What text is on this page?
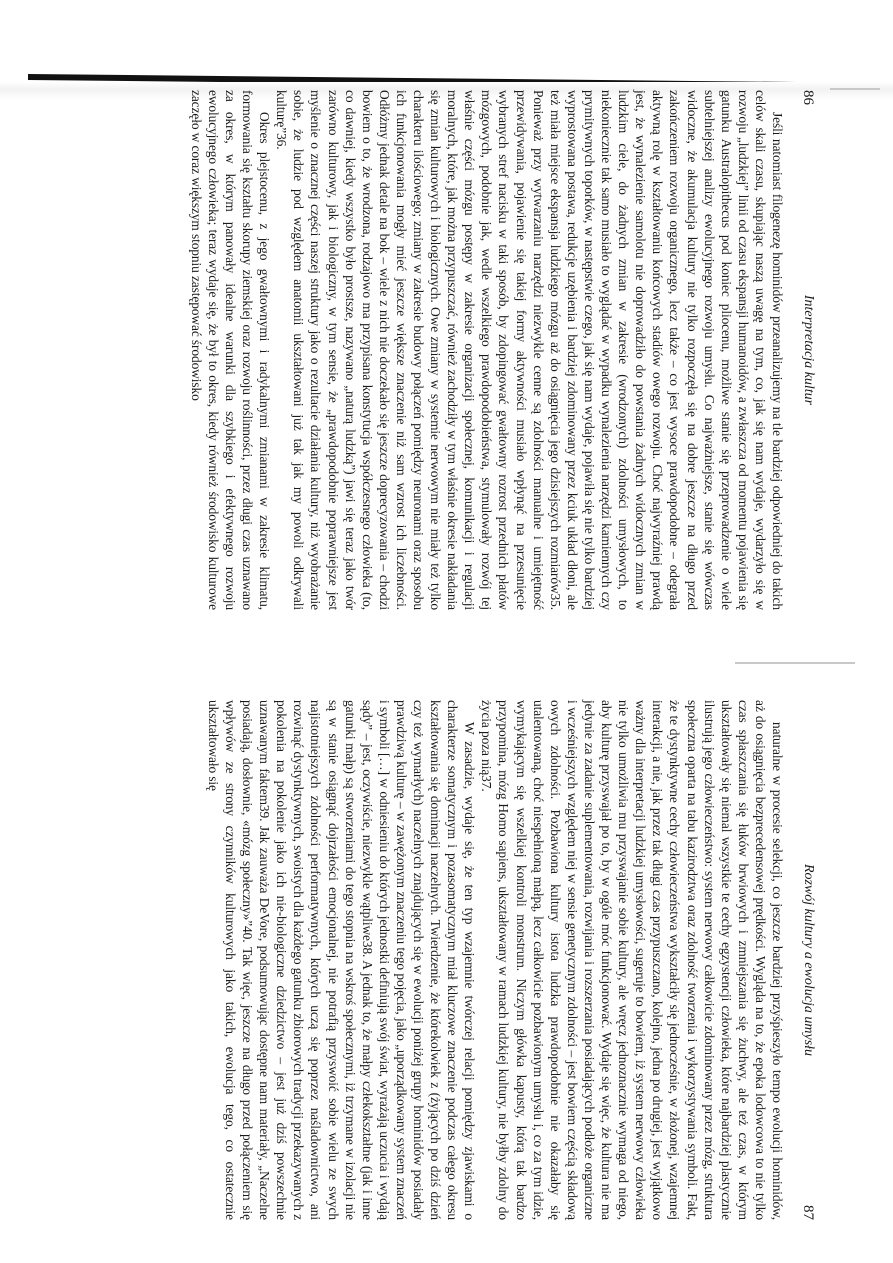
86
Interpretacja kultur

Jeśli natomiast filogenezę hominidów przeanalizujemy na tle bardziej odpowiedniej do takich celów skali czasu, skupiając naszą uwagę na tym, co, jak się nam wydaje, wydarzyło się w rozwoju „ludzkiej” linii od czasu ekspansji humanoidów, a zwłaszcza od momentu pojawienia się gatunku Australopithecus pod koniec pliocenu, możliwe stanie się przeprowadzenie o wiele subtelniejszej analizy ewolucyjnego rozwoju umysłu. Co najważniejsze, stanie się wówczas widoczne, że akumulacja kultury nie tylko rozpoczęła się na dobre jeszcze na długo przed zakończeniem rozwoju organicznego, lecz także – co jest wysoce prawdopodobne – odegrała aktywną rolę w kształtowaniu końcowych stadiów owego rozwoju. Choć najwyraźniej prawdą jest, że wynalezienie samolotu nie doprowadziło do powstania żadnych widocznych zmian w ludzkim ciele, do żadnych zmian w zakresie (wrodzonych) zdolności umysłowych, to niekoniecznie tak samo musiało to wyglądać w wypadku wynalezienia narzędzi kamiennych czy prymitywnych toporków, w następstwie czego, jak się nam wydaje, pojawiła się nie tylko bardziej wyprostowana postawa, redukcje uzębienia i bardziej zdominowany przez kciuk układ dłoni, ale też miała miejsce ekspansja ludzkiego mózgu aż do osiągnięcia jego dzisiejszych rozmiarów35. Ponieważ przy wytwarzaniu narzędzi niezwykle cenne są zdolności manualne i umiejętność przewidywania, pojawienie się takiej formy aktywności musiało wpłynąć na przesunięcie wybranych stref nacisku w taki sposób, by zdopingować gwałtowny rozrost przednich płatów mózgowych, podobnie jak, wedle wszelkiego prawdopodobieństwa, stymulowały rozwój tej właśnie części mózgu postępy w zakresie organizacji społecznej, komunikacji i regulacji moralnych, które, jak można przypuszczać, również zachodziły w tym właśnie okresie nakładania się zmian kulturowych i biologicznych. Owe zmiany w systemie nerwowym nie miały też tylko charakteru ilościowego; zmiany w zakresie budowy połączeń pomiędzy neuronami oraz sposobu ich funkcjonowania mogły mieć jeszcze większe znaczenie niż sam wzrost ich liczebności. Odłóżmy jednak detale na bok – wiele z nich nie doczekało się jeszcze doprecyzowania – chodzi bowiem o to, że wrodzona, rodzajowo ma przypisana konstytucja współczesnego człowieka (to, co dawniej, kiedy wszystko było prostsze, nazywano „naturą ludzką”) jawi się teraz jako twór zarówno kulturowy, jak i biologiczny, w tym sensie, że „prawdopodobnie poprawniejsze jest myślenie o znacznej części naszej struktury jako o rezultacie działania kultury, niż wyobrażanie sobie, że ludzie pod względem anatomii ukształtowani już tak jak my powoli odkrywali kulturę”36.

Okres plejstocenu, z jego gwałtownymi i radykalnymi zmianami w zakresie klimatu, formowania się kształtu skorupy ziemskiej oraz rozwoju roślinności, przez długi czas uznawano za okres, w którym panowały idealne warunki dla szybkiego i efektywnego rozwoju ewolucyjnego człowieka; teraz wydaje się, że był to okres, kiedy również środowisko kulturowe zaczęło w coraz większym stopniu zastępować środowisko

Rozwój kultury a ewolucja umysłu
87

naturalne w procesie selekcji, co jeszcze bardziej przyśpieszyło tempo ewolucji hominidów, aż do osiągnięcia bezprecedensowej prędkości. Wygląda na to, że epoka lodowcowa to nie tylko czas spłaszczania się łuków brwiowych i zmniejszania się żuchwy, ale też czas, w którym ukształtowały się niemal wszystkie te cechy egzystencji człowieka, które najbardziej plastycznie ilustrują jego człowieczeństwo: system nerwowy całkowicie zdominowany przez mózg, struktura społeczna oparta na tabu kazirodztwa oraz zdolność tworzenia i wykorzystywania symboli. Fakt, że te dystynktywne cechy człowieczeństwa wykształciły się jednocześnie, w złożonej, wzajemnej interakcji, a nie, jak przez tak długi czas przypuszczano, kolejno, jedna po drugiej, jest wyjątkowo ważny dla interpretacji ludzkiej umysłowości, sugeruje to bowiem, iż system nerwowy człowieka nie tylko umożliwia mu przyswajanie sobie kultury, ale wręcz jednoznacznie wymaga od niego, aby kulturę przyswajał po to, by w ogóle móc funkcjonować. Wydaje się więc, że kultura nie ma jedynie za zadanie suplementowania, rozwijania i rozszerzania posiadających podłoże organiczne i wcześniejszych względem niej w sensie genetycznym zdolności – jest bowiem częścią składową owych zdolności. Pozbawiona kultury istota ludzka prawdopodobnie nie okazałaby się utalentowaną, choć niespełnioną małpą, lecz całkowicie pozbawionym umysłu i, co za tym idzie, wymykającym się wszelkiej kontroli monstrum. Niczym główka kapusty, którą tak bardzo przypomina, mózg Homo sapiens, ukształtowany w ramach ludzkiej kultury, nie byłby zdolny do życia poza nią37.

W zasadzie, wydaje się, że ten typ wzajemnie twórczej relacji pomiędzy zjawiskami o charakterze somatycznym i pozasomatycznym miał kluczowe znaczenie podczas całego okresu kształtowania się dominacji naczelnych. Twierdzenie, że którekolwiek z (żyjących po dziś dzień czy też wymarłych) naczelnych znajdujących się w ewolucji poniżej grupy hominidów posiadały prawdziwą kulturę – w zawężonym znaczeniu tego pojęcia, jako „uporządkowany system znaczeń i symboli […] w odniesieniu do których jednostki definiują swój świat, wyrażają uczucia i wydają sądy” – jest, oczywiście, niezwykle wątpliwe38. A jednak to, że małpy człekokształtne (jak i inne gatunki małp) są stworzeniami do tego stopnia na wskroś społecznymi, iż trzymane w izolacji nie są w stanie osiągnąć dojrzałości emocjonalnej, nie potrafią przyswoić sobie wielu ze swych najistotniejszych zdolności performatywnych, których uczą się poprzez naśladownictwo, ani rozwinąć dystynktywnych, swoistych dla każdego gatunku zbiorowych tradycji przekazywanych z pokolenia na pokolenie jako ich nie-biologiczne dziedzictwo – jest już dziś powszechnie uznawanym faktem39. Jak zauważa DeVore, podsumowując dostępne nam materiały, „Naczelne posiadają, dosłownie, «mózg społeczny»”40. Tak więc, jeszcze na długo przed połączeniem się wpływów ze strony czynników kulturowych jako takich, ewolucja tego, co ostatecznie ukształtowało się
